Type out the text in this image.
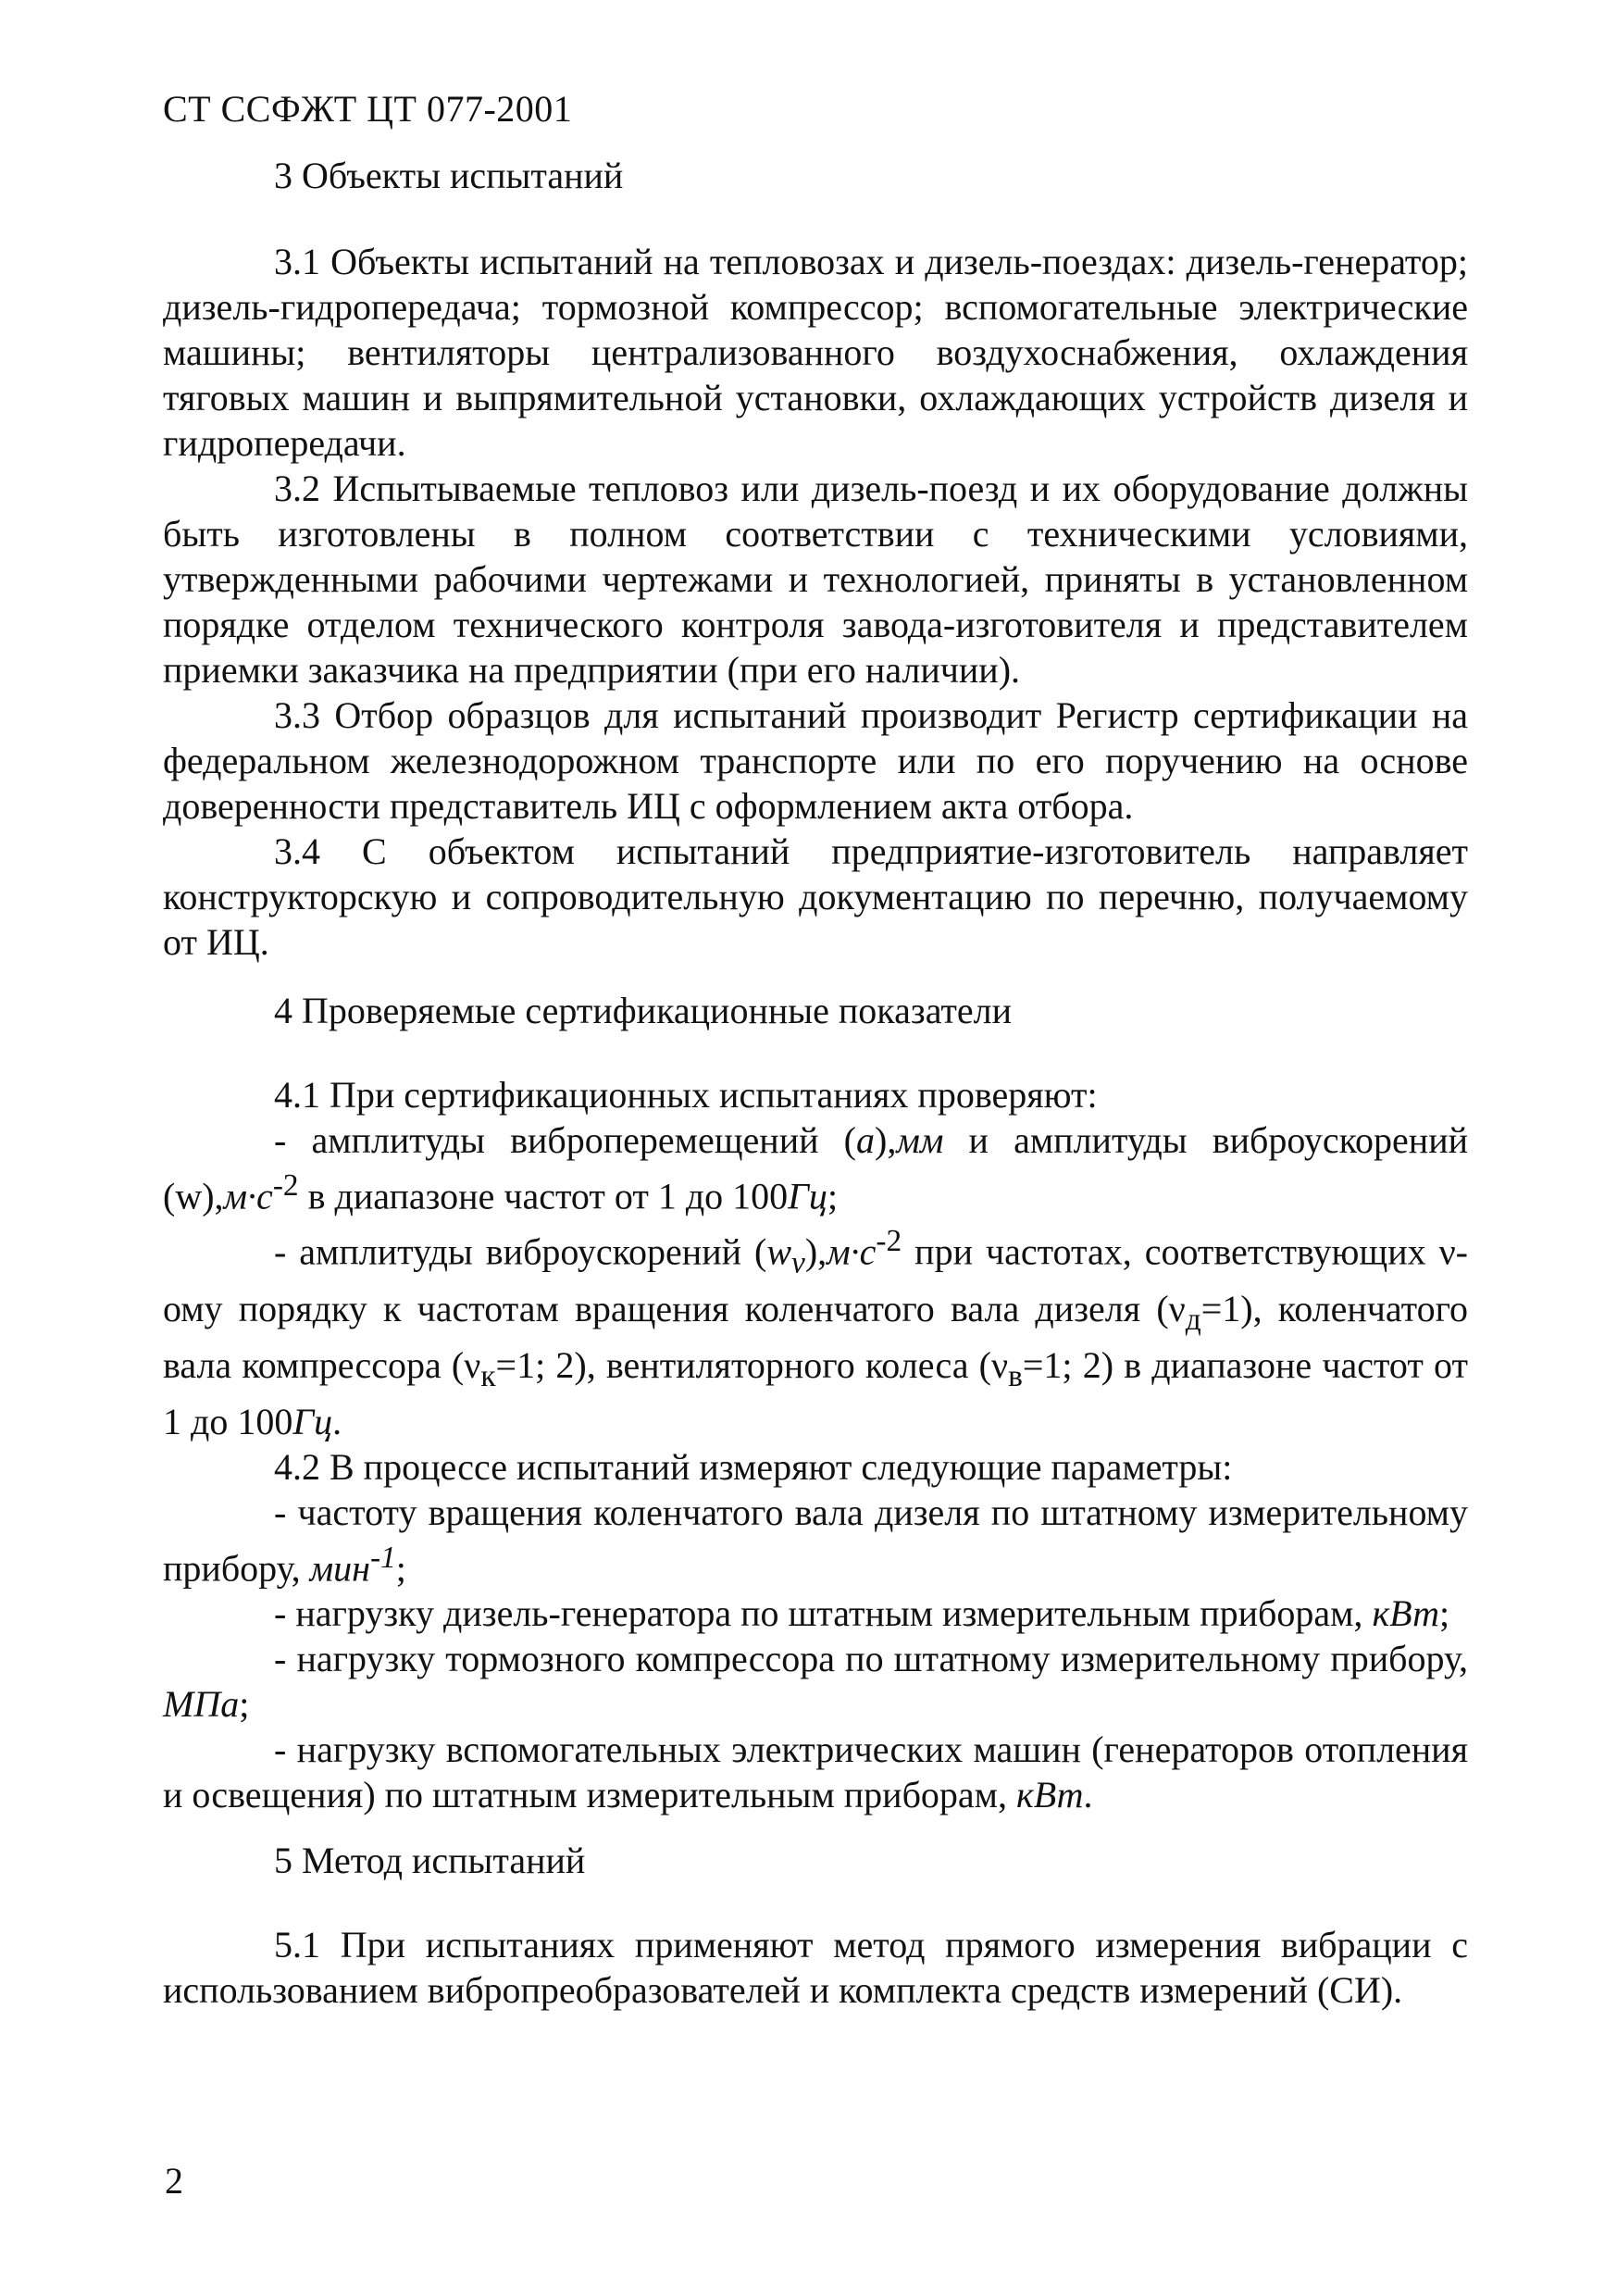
СТ ССФЖТ ЦТ 077-2001
3 Объекты испытаний

3.1 Объекты испытаний на тепловозах и дизель-поездах: дизель-генератор; дизель-гидропередача; тормозной компрессор; вспомогательные электрические машины; вентиляторы централизованного воздухоснабжения, охлаждения тяговых машин и выпрямительной установки, охлаждающих устройств дизеля и гидропередачи.

3.2 Испытываемые тепловоз или дизель-поезд и их оборудование должны быть изготовлены в полном соответствии с техническими условиями, утвержденными рабочими чертежами и технологией, приняты в установленном порядке отделом технического контроля завода-изготовителя и представителем приемки заказчика на предприятии (при его наличии).

3.3 Отбор образцов для испытаний производит Регистр сертификации на федеральном железнодорожном транспорте или по его поручению на основе доверенности представитель ИЦ с оформлением акта отбора.

3.4 С объектом испытаний предприятие-изготовитель направляет конструкторскую и сопроводительную документацию по перечню, получаемому от ИЦ.

4 Проверяемые сертификационные показатели

4.1 При сертификационных испытаниях проверяют:

- амплитуды виброперемещений (а),мм и амплитуды виброускорений $(w),м\cdot с^{-2}$ в диапазоне частот от 1 до 100Гц;

- амплитуды виброускорений $(w_\nu),м\cdot с^{-2}$ при частотах, соответствующих ν-ому порядку к частотам вращения коленчатого вала дизеля $(\nu_д=1)$, коленчатого вала компрессора ($\nu_к=1$; 2), вентиляторного колеса ($\nu_в=1$; 2) в диапазоне частот от 1 до 100Гц.

4.2 В процессе испытаний измеряют следующие параметры:

- частоту вращения коленчатого вала дизеля по штатному измерительному прибору, мин$^{-1}$;

- нагрузку дизель-генератора по штатным измерительным приборам, кВт;

- нагрузку тормозного компрессора по штатному измерительному прибору, МПа;

- нагрузку вспомогательных электрических машин (генераторов отопления и освещения) по штатным измерительным приборам, кВт.

5 Метод испытаний

5.1 При испытаниях применяют метод прямого измерения вибрации с использованием вибропреобразователей и комплекта средств измерений (СИ).

2
